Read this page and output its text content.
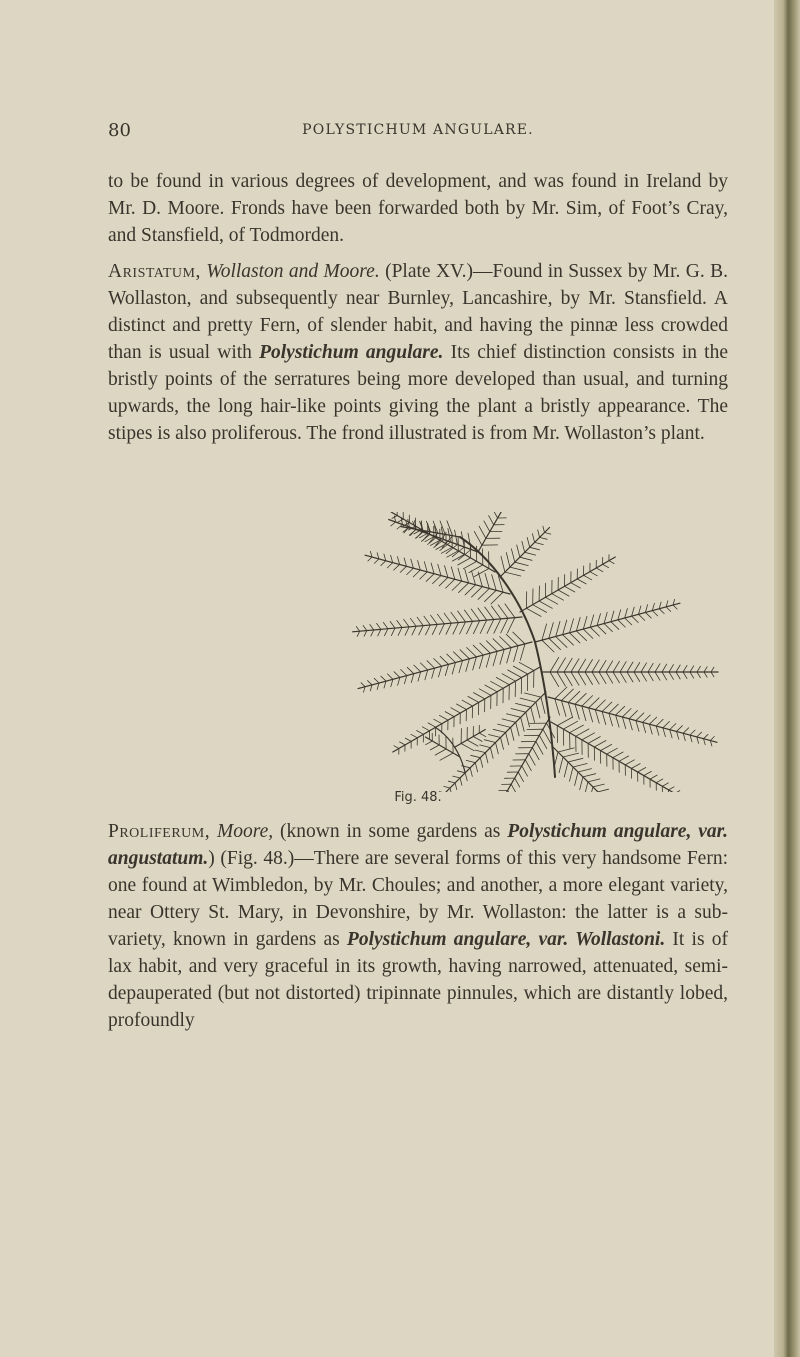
80	POLYSTICHUM ANGULARE.

to be found in various degrees of development, and was found in Ireland by Mr. D. Moore. Fronds have been forwarded both by Mr. Sim, of Foot’s Cray, and Stansfield, of Todmorden.

Aristatum, Wollaston and Moore. (Plate XV.)—Found in Sussex by Mr. G. B. Wollaston, and subsequently near Burnley, Lancashire, by Mr. Stansfield. A distinct and pretty Fern, of slender habit, and having the pinnæ less crowded than is usual with Polystichum angulare. Its chief distinction consists in the bristly points of the serratures being more developed than usual, and turning upwards, the long hair-like points giving the plant a bristly appearance. The stipes is also proliferous. The frond illustrated is from Mr. Wollaston’s plant.

Fig. 48.

Proliferum, Moore, (known in some gardens as Polystichum angulare, var. angustatum.) (Fig. 48.)—There are several forms of this very handsome Fern: one found at Wimbledon, by Mr. Choules; and another, a more elegant variety, near Ottery St. Mary, in Devonshire, by Mr. Wollaston: the latter is a sub-variety, known in gardens as Polystichum angulare, var. Wollastoni. It is of lax habit, and very graceful in its growth, having narrowed, attenuated, semi-depauperated (but not distorted) tripinnate pinnules, which are distantly lobed, profoundly
